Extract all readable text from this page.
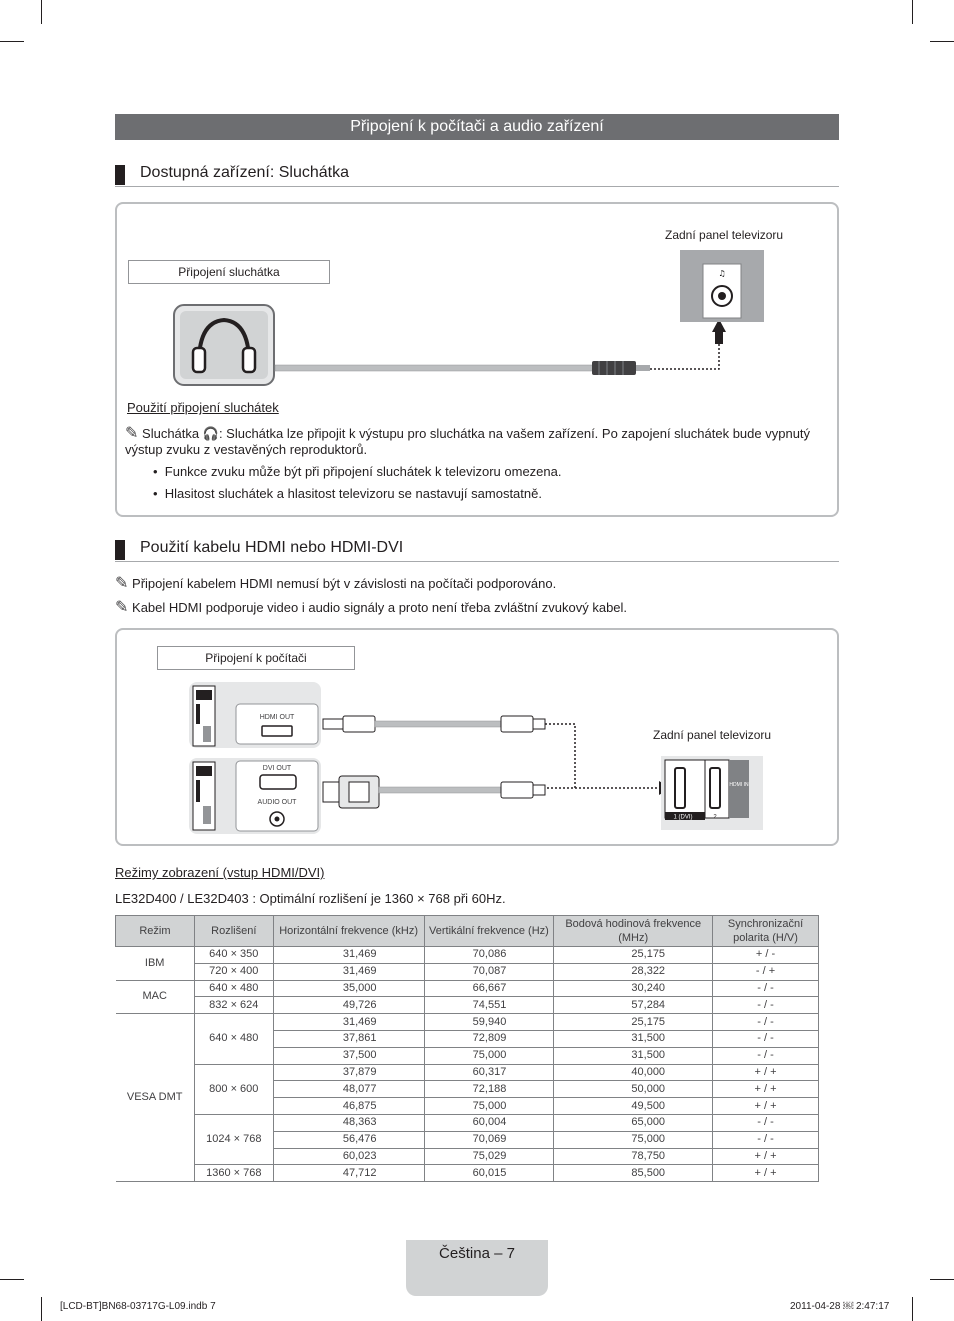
Připojení k počítači a audio zařízení
Dostupná zařízení: Sluchátka
Připojení sluchátka
Zadní panel televizoru
♫
Použití připojení sluchátek
✎ Sluchátka 🎧: Sluchátka lze připojit k výstupu pro sluchátka na vašem zařízení. Po zapojení sluchátek bude vypnutý výstup zvuku z vestavěných reproduktorů.
•  Funkce zvuku může být při připojení sluchátek k televizoru omezena.
•  Hlasitost sluchátek a hlasitost televizoru se nastavují samostatně.
Použití kabelu HDMI nebo HDMI-DVI
✎ Připojení kabelem HDMI nemusí být v závislosti na počítači podporováno.
✎ Kabel HDMI podporuje video i audio signály a proto není třeba zvláštní zvukový kabel.
Připojení k počítači
Zadní panel televizoru
HDMI OUT
DVI OUT
AUDIO OUT
HDMI IN
1 (DVI)	2
Režimy zobrazení (vstup HDMI/DVI)
LE32D400 / LE32D403 : Optimální rozlišení je 1360 × 768 při 60Hz.
Režim	Rozlišení	Horizontální frekvence (kHz)	Vertikální frekvence (Hz)	Bodová hodinová frekvence (MHz)	Synchronizační polarita (H/V)
IBM	640 × 350	31,469	70,086	25,175	+ / -
	720 × 400	31,469	70,087	28,322	- / +
MAC	640 × 480	35,000	66,667	30,240	- / -
	832 × 624	49,726	74,551	57,284	- / -
VESA DMT	640 × 480	31,469	59,940	25,175	- / -
		37,861	72,809	31,500	- / -
		37,500	75,000	31,500	- / -
	800 × 600	37,879	60,317	40,000	+ / +
		48,077	72,188	50,000	+ / +
		46,875	75,000	49,500	+ / +
	1024 × 768	48,363	60,004	65,000	- / -
		56,476	70,069	75,000	- / -
		60,023	75,029	78,750	+ / +
	1360 × 768	47,712	60,015	85,500	+ / +
Čeština – 7
[LCD-BT]BN68-03717G-L09.indb 7	2011-04-28 ￼ 2:47:17
